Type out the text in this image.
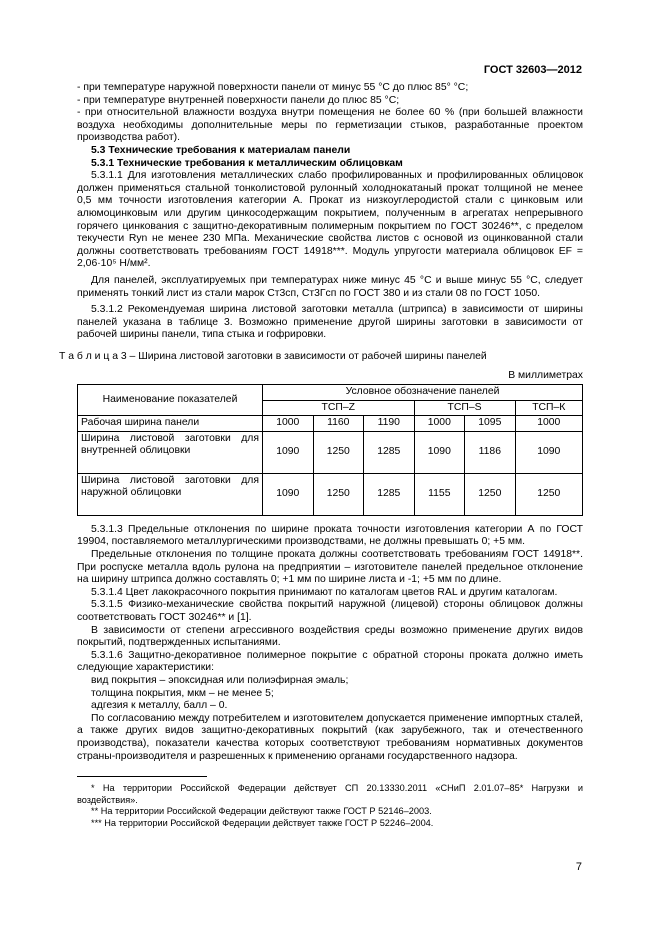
ГОСТ 32603—2012

- при температуре наружной поверхности панели от минус 55 °С до плюс 85° °С;

- при температуре внутренней поверхности панели до плюс 85 °С;

- при относительной влажности воздуха внутри помещения не более 60 % (при большей влажности воздуха необходимы дополнительные меры по герметизации стыков, разработанные проектом производства работ).

5.3 Технические требования к материалам панели

5.3.1 Технические требования к металлическим облицовкам

5.3.1.1 Для изготовления металлических слабо профилированных и профилированных облицовок должен применяться стальной тонколистовой рулонный холоднокатаный прокат толщиной не менее 0,5 мм точности изготовления категории А. Прокат из низкоуглеродистой стали с цинковым или алюмоцинковым или другим цинкосодержащим покрытием, полученным в агрегатах непрерывного горячего цинкования с защитно-декоративным полимерным покрытием по ГОСТ 30246**, с пределом текучести Ryn не менее 230 МПа. Механические свойства листов с основой из оцинкованной стали должны соответствовать требованиям ГОСТ 14918***. Модуль упругости материала облицовок EF = 2,06·10⁵ Н/мм².

Для панелей, эксплуатируемых при температурах ниже минус 45 °С и выше минус 55 °С, следует применять тонкий лист из стали марок Ст3сп, Ст3Гсп по ГОСТ 380 и из стали 08 по ГОСТ 1050.

5.3.1.2 Рекомендуемая ширина листовой заготовки металла (штрипса) в зависимости от ширины панелей указана в таблице 3. Возможно применение другой ширины заготовки в зависимости от рабочей ширины панели, типа стыка и гофрировки.

Т а б л и ц а 3 – Ширина листовой заготовки в зависимости от рабочей ширины панелей

В миллиметрах
Наименование показателей	Условное обозначение панелей					
	ТСП–Z			ТСП–S		ТСП–К
Рабочая ширина панели	1000	1160	1190	1000	1095	1000
Ширина листовой заготовки для внутренней облицовки	1090	1250	1285	1090	1186	1090
Ширина листовой заготовки для наружной облицовки	1090	1250	1285	1155	1250	1250

5.3.1.3 Предельные отклонения по ширине проката точности изготовления категории А по ГОСТ 19904, поставляемого металлургическими производствами, не должны превышать 0; +5 мм.

Предельные отклонения по толщине проката должны соответствовать требованиям ГОСТ 14918**. При роспуске металла вдоль рулона на предприятии – изготовителе панелей предельное отклонение на ширину штрипса должно составлять 0; +1 мм по ширине листа и -1; +5 мм по длине.

5.3.1.4 Цвет лакокрасочного покрытия принимают по каталогам цветов RAL и другим каталогам.

5.3.1.5 Физико-механические свойства покрытий наружной (лицевой) стороны облицовок должны соответствовать ГОСТ 30246** и [1].

В зависимости от степени агрессивного воздействия среды возможно применение других видов покрытий, подтвержденных испытаниями.

5.3.1.6 Защитно-декоративное полимерное покрытие с обратной стороны проката должно иметь следующие характеристики:

вид покрытия – эпоксидная или полиэфирная эмаль;

толщина покрытия, мкм – не менее 5;

адгезия к металлу, балл – 0.

По согласованию между потребителем и изготовителем допускается применение импортных сталей, а также других видов защитно-декоративных покрытий (как зарубежного, так и отечественного производства), показатели качества которых соответствуют требованиям нормативных документов страны-производителя и разрешенных к применению органами государственного надзора.

* На территории Российской Федерации действует СП 20.13330.2011 «СНиП 2.01.07–85* Нагрузки и воздействия».

** На территории Российской Федерации действуют также ГОСТ Р 52146–2003.

*** На территории Российской Федерации действует также ГОСТ Р 52246–2004.

7
